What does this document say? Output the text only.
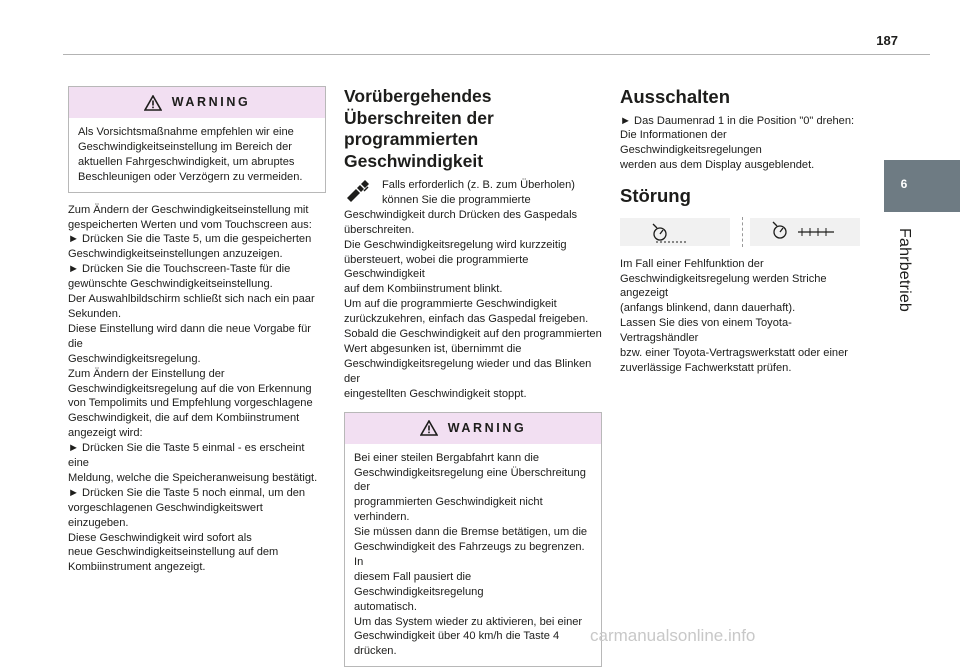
187
6
Fahrbetrieb
WARNING

Als Vorsichtsmaßnahme empfehlen wir eine

Geschwindigkeitseinstellung im Bereich der

aktuellen Fahrgeschwindigkeit, um abruptes

Beschleunigen oder Verzögern zu vermeiden.

Zum Ändern der Geschwindigkeitseinstellung mit

gespeicherten Werten und vom Touchscreen aus:

► Drücken Sie die Taste 5, um die gespeicherten

Geschwindigkeitseinstellungen anzuzeigen.

► Drücken Sie die Touchscreen-Taste für die

gewünschte Geschwindigkeitseinstellung.

Der Auswahlbildschirm schließt sich nach ein paar

Sekunden.

Diese Einstellung wird dann die neue Vorgabe für die

Geschwindigkeitsregelung.

Zum Ändern der Einstellung der

Geschwindigkeitsregelung auf die von Erkennung

von Tempolimits und Empfehlung vorgeschlagene

Geschwindigkeit, die auf dem Kombiinstrument

angezeigt wird:

► Drücken Sie die Taste 5 einmal - es erscheint eine

Meldung, welche die Speicheranweisung bestätigt.

► Drücken Sie die Taste 5 noch einmal, um den

vorgeschlagenen Geschwindigkeitswert einzugeben.

Diese Geschwindigkeit wird sofort als

neue Geschwindigkeitseinstellung auf dem

Kombiinstrument angezeigt.

Vorübergehendes
Überschreiten der
programmierten
Geschwindigkeit

Falls erforderlich (z. B. zum Überholen)

können Sie die programmierte

Geschwindigkeit durch Drücken des Gaspedals

überschreiten.

Die Geschwindigkeitsregelung wird kurzzeitig

übersteuert, wobei die programmierte Geschwindigkeit

auf dem Kombiinstrument blinkt.

Um auf die programmierte Geschwindigkeit

zurückzukehren, einfach das Gaspedal freigeben.

Sobald die Geschwindigkeit auf den programmierten

Wert abgesunken ist, übernimmt die

Geschwindigkeitsregelung wieder und das Blinken der

eingestellten Geschwindigkeit stoppt.

WARNING

Bei einer steilen Bergabfahrt kann die

Geschwindigkeitsregelung eine Überschreitung der

programmierten Geschwindigkeit nicht verhindern.

Sie müssen dann die Bremse betätigen, um die

Geschwindigkeit des Fahrzeugs zu begrenzen. In

diesem Fall pausiert die Geschwindigkeitsregelung

automatisch.

Um das System wieder zu aktivieren, bei einer

Geschwindigkeit über 40 km/h die Taste 4 drücken.

Ausschalten

► Das Daumenrad 1 in die Position "0" drehen:

Die Informationen der Geschwindigkeitsregelungen

werden aus dem Display ausgeblendet.

Störung

Im Fall einer Fehlfunktion der

Geschwindigkeitsregelung werden Striche angezeigt

(anfangs blinkend, dann dauerhaft).

Lassen Sie dies von einem Toyota-Vertragshändler

bzw. einer Toyota-Vertragswerkstatt oder einer

zuverlässige Fachwerkstatt prüfen.

carmanualsonline.info
